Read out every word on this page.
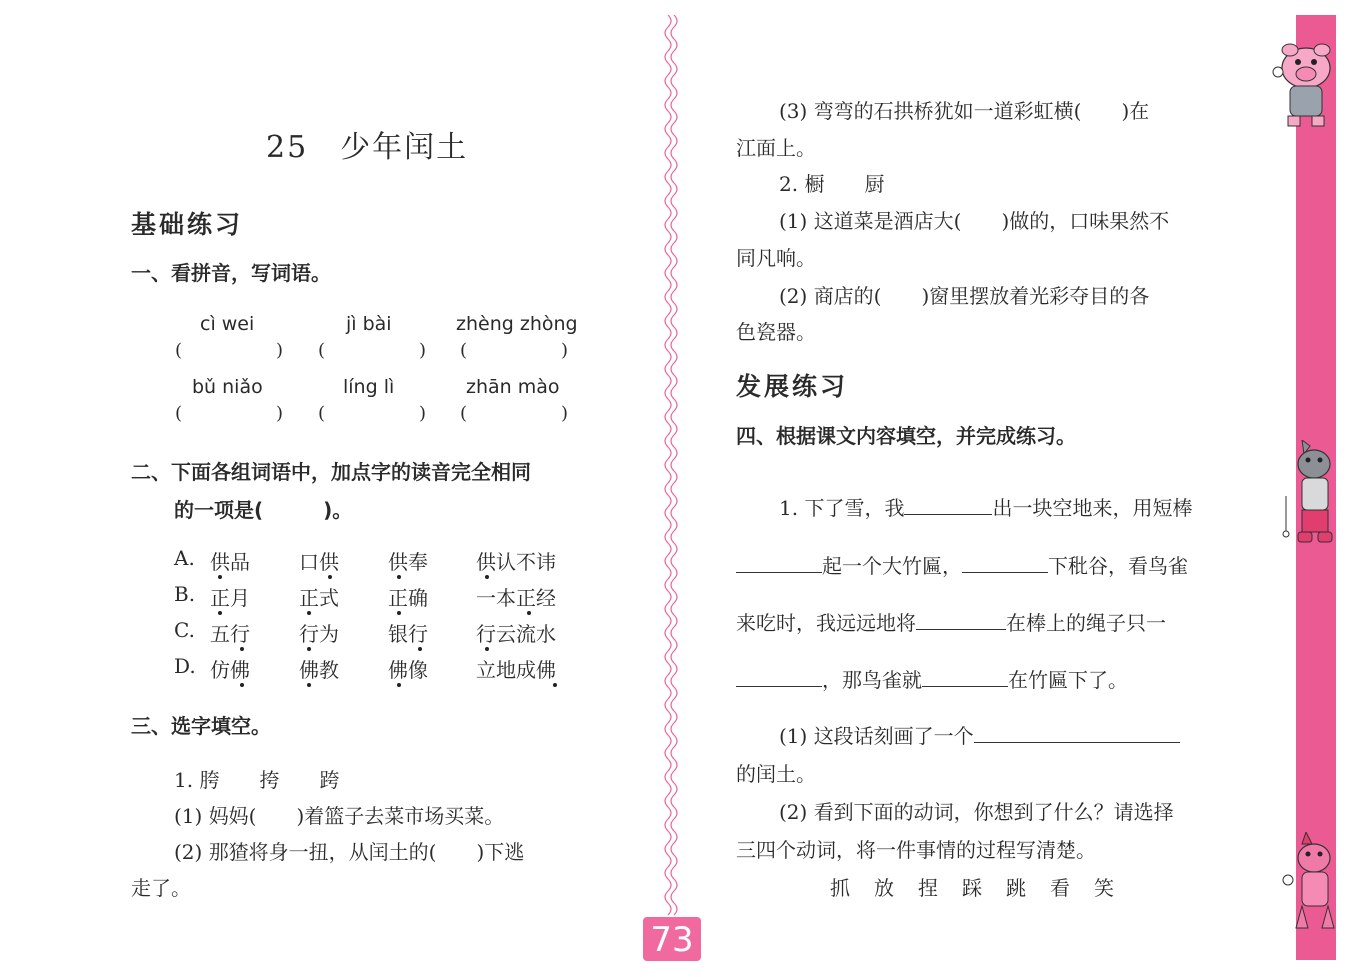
25　少年闰土
基础练习
一、看拼音，写词语。
cì wei	jì bài	zhèng zhòng
(	) (	) (	)
bǔ niǎo	líng lì	zhān mào
(	) (	) (	)
二、下面各组词语中，加点字的读音完全相同
的一项是(　　　)。
A. 供品 口供 供奉 供认不讳
B. 正月 正式 正确 一本正经
C. 五行 行为 银行 行云流水
D. 仿佛 佛教 佛像 立地成佛
三、选字填空。
1. 胯　　挎　　跨
(1) 妈妈(　　)着篮子去菜市场买菜。
(2) 那猹将身一扭，从闰土的(　　)下逃
走了。
73
(3) 弯弯的石拱桥犹如一道彩虹横(　　)在
江面上。
2. 橱　　厨
(1) 这道菜是酒店大(　　)做的，口味果然不
同凡响。
(2) 商店的(　　)窗里摆放着光彩夺目的各
色瓷器。
发展练习
四、根据课文内容填空，并完成练习。
1. 下了雪，我	出一块空地来，用短棒
起一个大竹匾，	下秕谷，看鸟雀
来吃时，我远远地将	在棒上的绳子只一
，那鸟雀就	在竹匾下了。
(1) 这段话刻画了一个
的闰土。
(2) 看到下面的动词，你想到了什么？请选择
三四个动词，将一件事情的过程写清楚。
抓 放 捏 踩 跳 看 笑
